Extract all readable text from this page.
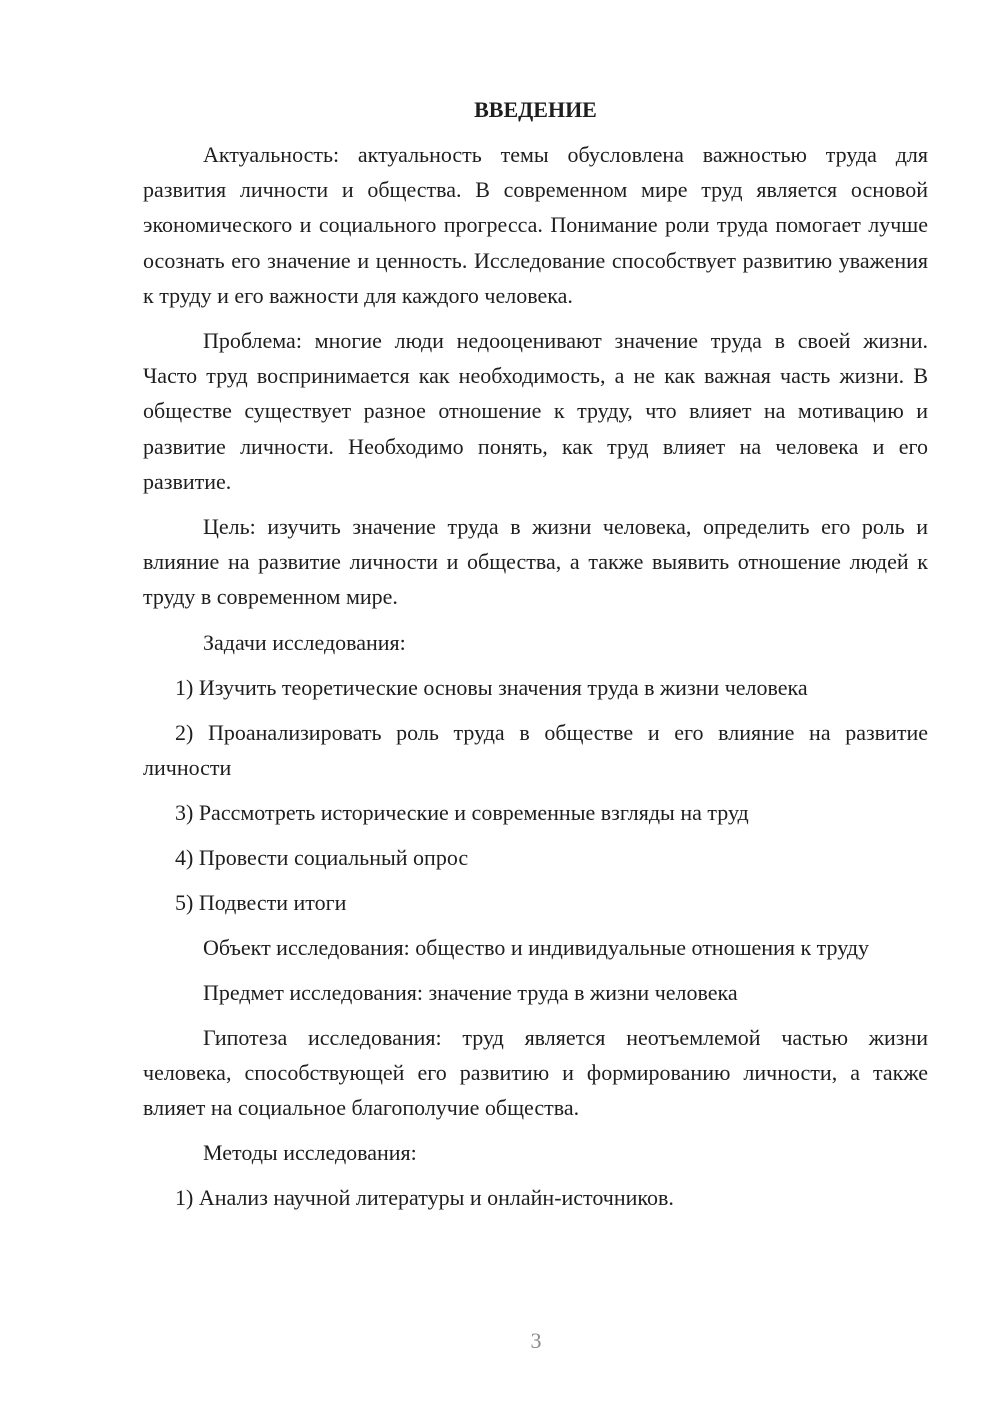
ВВЕДЕНИЕ

Актуальность: актуальность темы обусловлена важностью труда для развития личности и общества. В современном мире труд является основой экономического и социального прогресса. Понимание роли труда помогает лучше осознать его значение и ценность. Исследование способствует развитию уважения к труду и его важности для каждого человека.

Проблема: многие люди недооценивают значение труда в своей жизни. Часто труд воспринимается как необходимость, а не как важная часть жизни. В обществе существует разное отношение к труду, что влияет на мотивацию и развитие личности. Необходимо понять, как труд влияет на человека и его развитие.

Цель: изучить значение труда в жизни человека, определить его роль и влияние на развитие личности и общества, а также выявить отношение людей к труду в современном мире.

Задачи исследования:

1) Изучить теоретические основы значения труда в жизни человека

2) Проанализировать роль труда в обществе и его влияние на развитие личности

3) Рассмотреть исторические и современные взгляды на труд

4) Провести социальный опрос

5) Подвести итоги

Объект исследования: общество и индивидуальные отношения к труду

Предмет исследования: значение труда в жизни человека

Гипотеза исследования: труд является неотъемлемой частью жизни человека, способствующей его развитию и формированию личности, а также влияет на социальное благополучие общества.

Методы исследования:

1) Анализ научной литературы и онлайн-источников.

3
